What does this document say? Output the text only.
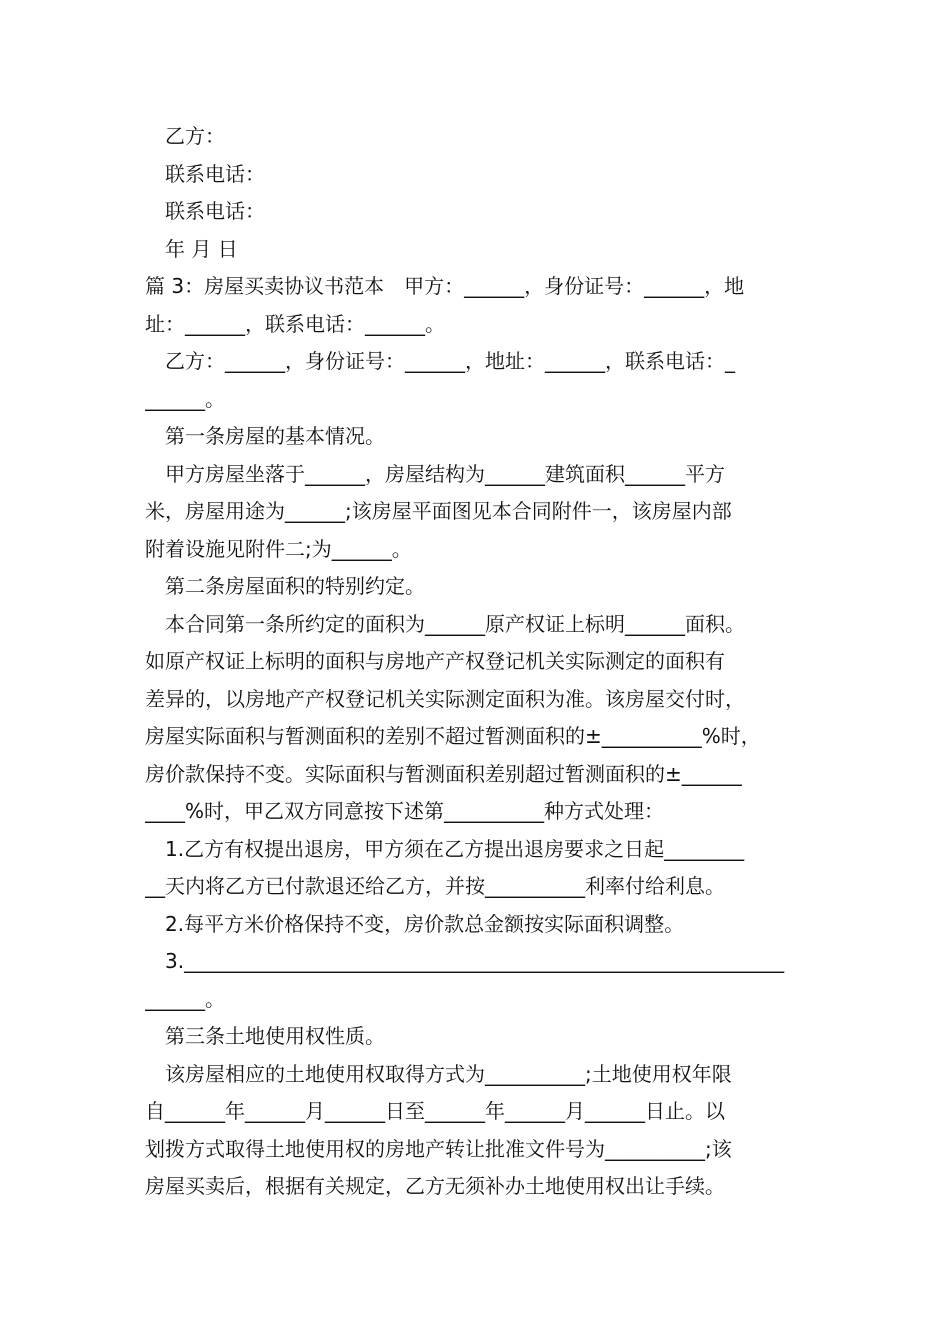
乙方：
联系电话：
联系电话：
年 月 日
篇 3：房屋买卖协议书范本　甲方：______，身份证号：______，地
址：______，联系电话：______。
乙方：______，身份证号：______，地址：______，联系电话：_
______。
第一条房屋的基本情况。
甲方房屋坐落于______，房屋结构为______建筑面积______平方
米，房屋用途为______;该房屋平面图见本合同附件一，该房屋内部
附着设施见附件二;为______。
第二条房屋面积的特别约定。
本合同第一条所约定的面积为______原产权证上标明______面积。
如原产权证上标明的面积与房地产产权登记机关实际测定的面积有
差异的，以房地产产权登记机关实际测定面积为准。该房屋交付时，
房屋实际面积与暂测面积的差别不超过暂测面积的±__________%时，
房价款保持不变。实际面积与暂测面积差别超过暂测面积的±______
____%时，甲乙双方同意按下述第__________种方式处理：
1.乙方有权提出退房，甲方须在乙方提出退房要求之日起________
__天内将乙方已付款退还给乙方，并按__________利率付给利息。
2.每平方米价格保持不变，房价款总金额按实际面积调整。
3.____________________________________________________________
______。
第三条土地使用权性质。
该房屋相应的土地使用权取得方式为__________;土地使用权年限
自______年______月______日至______年______月______日止。以
划拨方式取得土地使用权的房地产转让批准文件号为__________;该
房屋买卖后，根据有关规定，乙方无须补办土地使用权出让手续。
